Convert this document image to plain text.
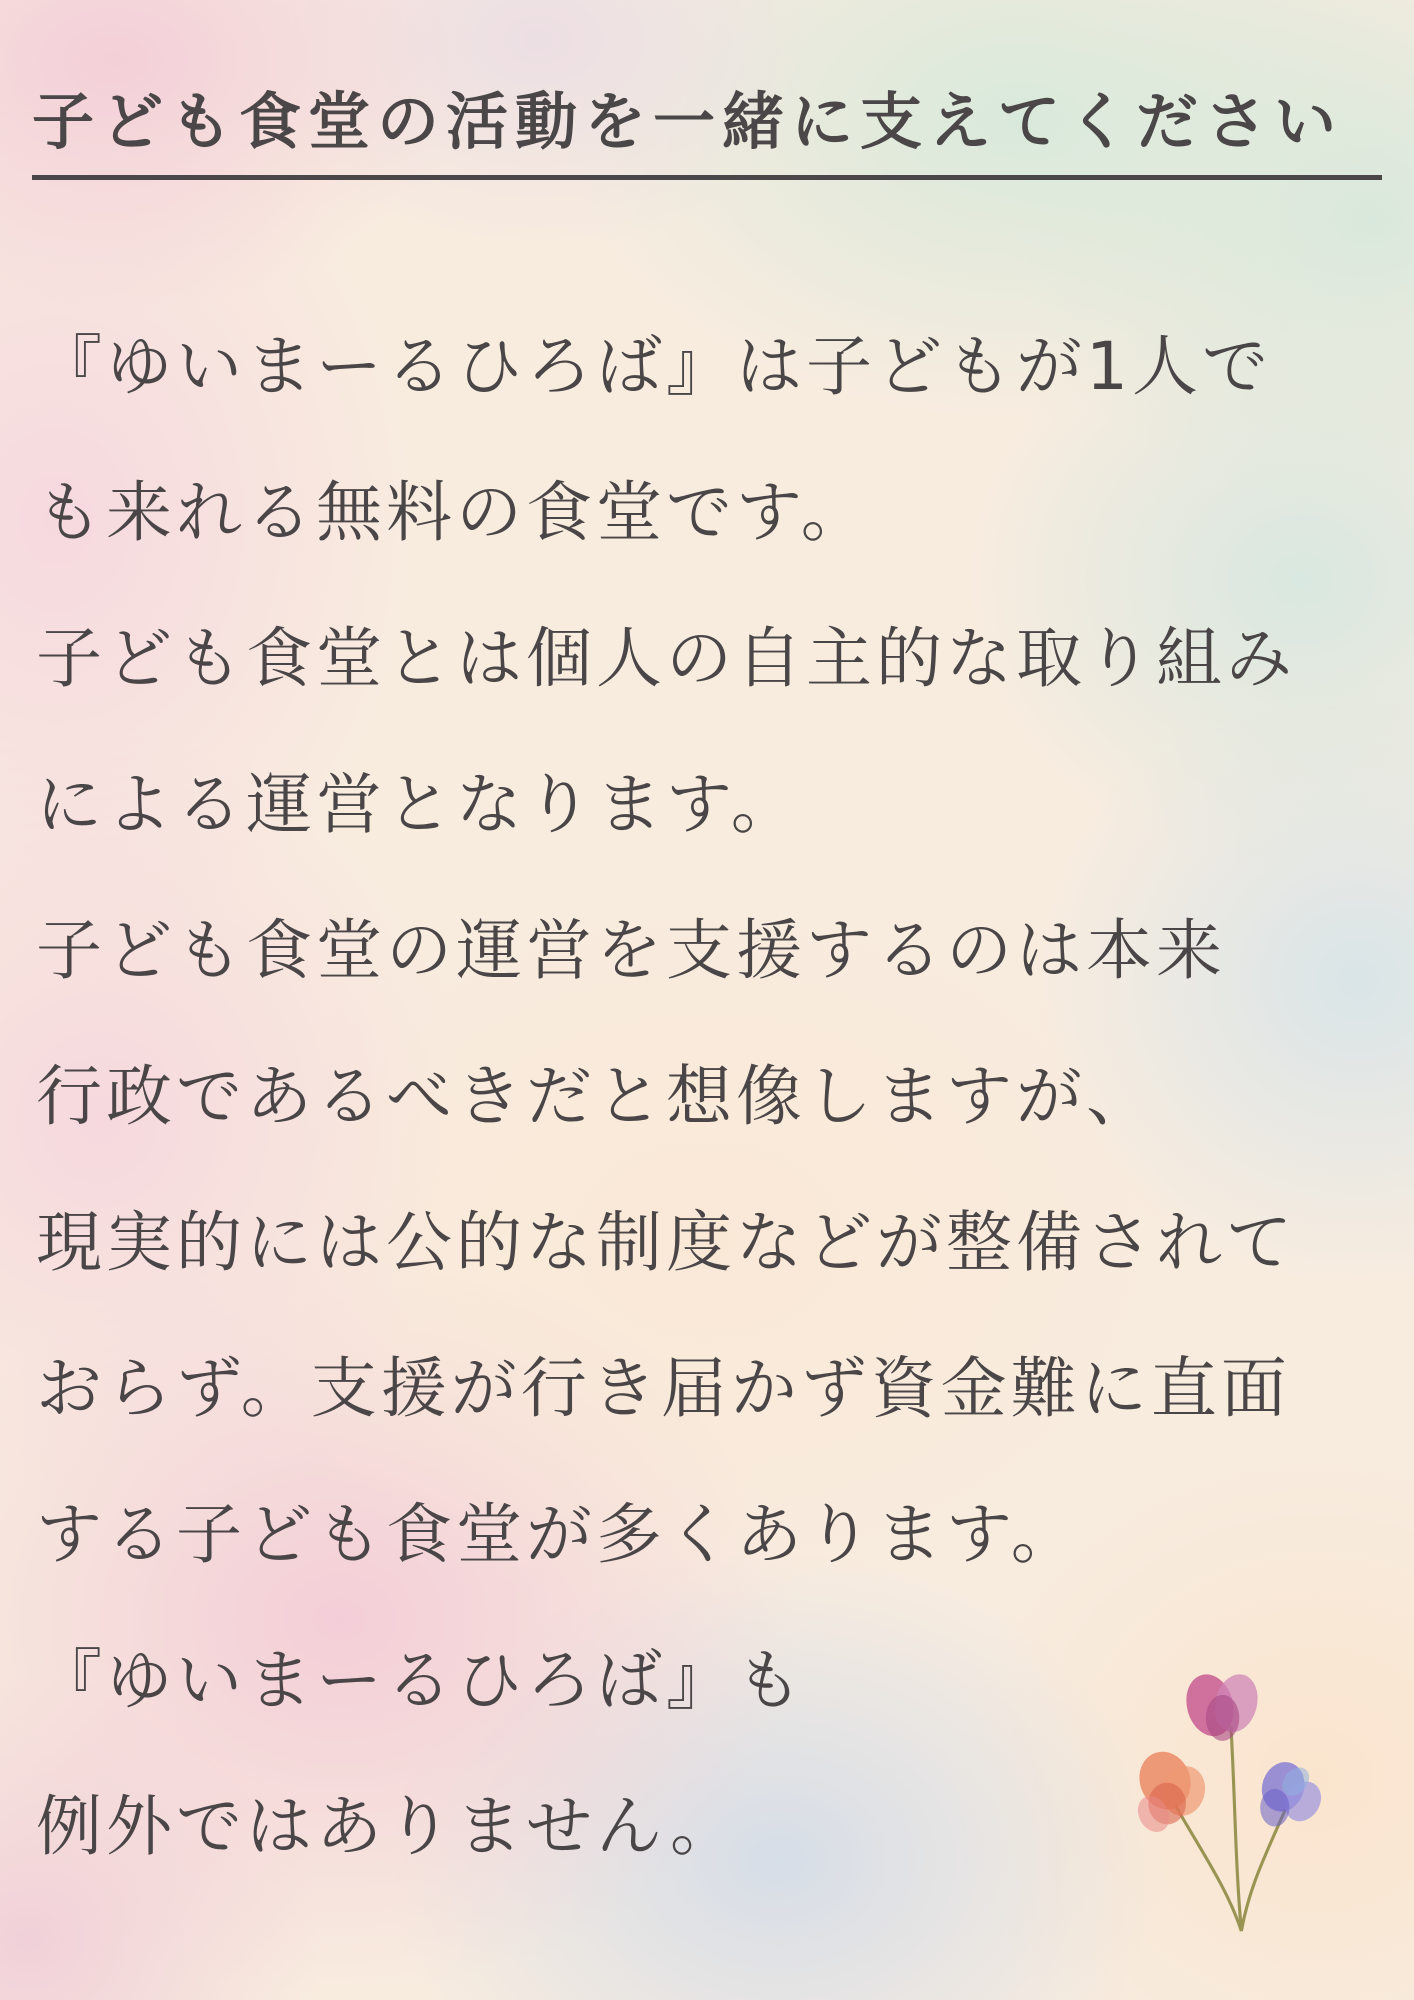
子ども食堂の活動を一緒に支えてください

『ゆいまーるひろば』は子どもが1人で

も来れる無料の食堂です。

子ども食堂とは個人の自主的な取り組み

による運営となります。

子ども食堂の運営を支援するのは本来

行政であるべきだと想像しますが、

現実的には公的な制度などが整備されて

おらず。支援が行き届かず資金難に直面

する子ども食堂が多くあります。

『ゆいまーるひろば』も

例外ではありません。
